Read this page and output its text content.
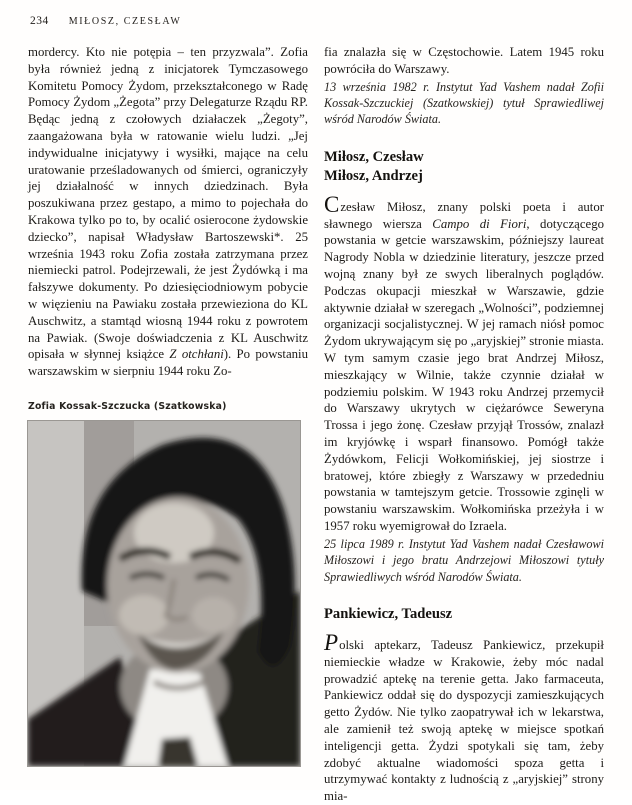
234 MIŁOSZ, CZESŁAW

mordercy. Kto nie potępia – ten przyzwala”. Zofia była również jedną z inicjatorek Tymczasowego Komitetu Pomocy Żydom, przekształconego w Radę Pomocy Żydom „Żegota” przy Delegaturze Rządu RP. Będąc jedną z czołowych działaczek „Żegoty”, zaangażowana była w ratowanie wielu ludzi. „Jej indywidualne inicjatywy i wysiłki, mające na celu uratowanie prześladowanych od śmierci, ograniczyły jej działalność w innych dziedzinach. Była poszukiwana przez gestapo, a mimo to pojechała do Krakowa tylko po to, by ocalić osierocone żydowskie dziecko”, napisał Władysław Bartoszewski*. 25 września 1943 roku Zofia została zatrzymana przez niemiecki patrol. Podejrzewali, że jest Żydówką i ma fałszywe dokumenty. Po dziesięciodniowym pobycie w więzieniu na Pawiaku została przewieziona do KL Auschwitz, a stamtąd wiosną 1944 roku z powrotem na Pawiak. (Swoje doświadczenia z KL Auschwitz opisała w słynnej książce Z otchłani). Po powstaniu warszawskim w sierpniu 1944 roku Zo-

Zofia Kossak-Szczucka (Szatkowska)

fia znalazła się w Częstochowie. Latem 1945 roku powróciła do Warszawy.

13 września 1982 r. Instytut Yad Vashem nadał Zofii Kossak-Szczuckiej (Szatkowskiej) tytuł Sprawiedliwej wśród Narodów Świata.

Miłosz, Czesław
Miłosz, Andrzej

Czesław Miłosz, znany polski poeta i autor sławnego wiersza Campo di Fiori, dotyczącego powstania w getcie warszawskim, późniejszy laureat Nagrody Nobla w dziedzinie literatury, jeszcze przed wojną znany był ze swych liberalnych poglądów. Podczas okupacji mieszkał w Warszawie, gdzie aktywnie działał w szeregach „Wolności”, podziemnej organizacji socjalistycznej. W jej ramach niósł pomoc Żydom ukrywającym się po „aryjskiej” stronie miasta. W tym samym czasie jego brat Andrzej Miłosz, mieszkający w Wilnie, także czynnie działał w podziemiu polskim. W 1943 roku Andrzej przemycił do Warszawy ukrytych w ciężarówce Seweryna Trossa i jego żonę. Czesław przyjął Trossów, znalazł im kryjówkę i wsparł finansowo. Pomógł także Żydówkom, Felicji Wołkomińskiej, jej siostrze i bratowej, które zbiegły z Warszawy w przededniu powstania w tamtejszym getcie. Trossowie zginęli w powstaniu warszawskim. Wołkomińska przeżyła i w 1957 roku wyemigrował do Izraela.

25 lipca 1989 r. Instytut Yad Vashem nadał Czesławowi Miłoszowi i jego bratu Andrzejowi Miłoszowi tytuły Sprawiedliwych wśród Narodów Świata.

Pankiewicz, Tadeusz

Polski aptekarz, Tadeusz Pankiewicz, przekupił niemieckie władze w Krakowie, żeby móc nadal prowadzić aptekę na terenie getta. Jako farmaceuta, Pankiewicz oddał się do dyspozycji zamieszkujących getto Żydów. Nie tylko zaopatrywał ich w lekarstwa, ale zamienił też swoją aptekę w miejsce spotkań inteligencji getta. Żydzi spotykali się tam, żeby zdobyć aktualne wiadomości spoza getta i utrzymywać kontakty z ludnością z „aryjskiej” strony mia-
